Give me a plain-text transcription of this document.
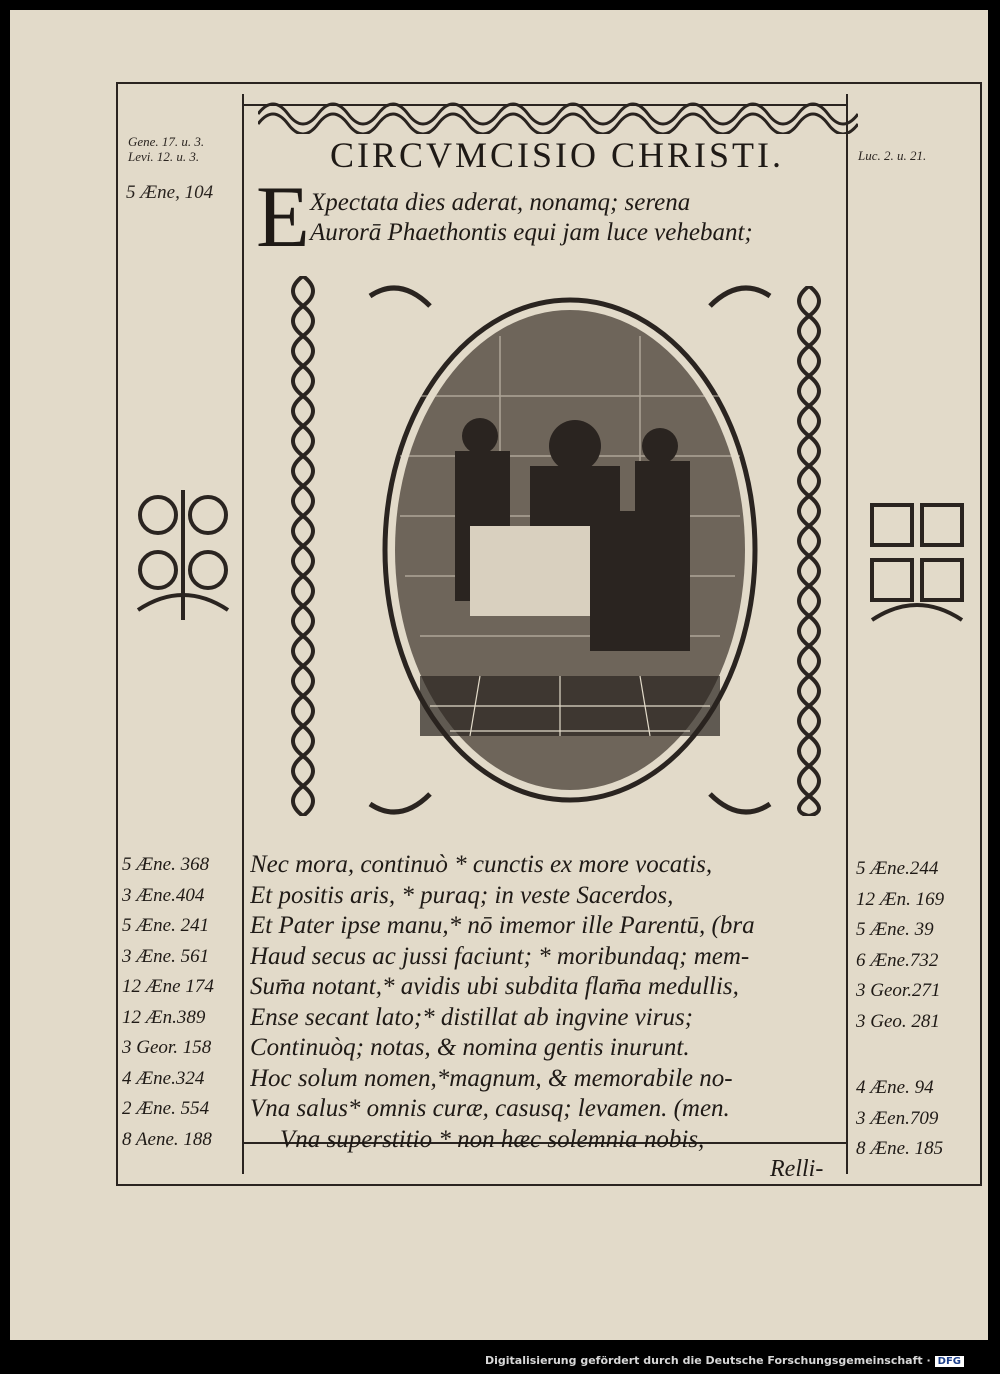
CIRCVMCISIO CHRISTI.
Gene. 17. u. 3.
Levi. 12. u. 3.
5 Æne, 104
Luc. 2. u. 21.
E Xpectata dies aderat, nonamq; serena
Aurorā Phaethontis equi jam luce vehebant;
Nec mora, continuò * cunctis ex more vocatis,
Et positis aris, * puraq; in veste Sacerdos,
Et Pater ipse manu,* nō imemor ille Parentū, (bra
Haud secus ac jussi faciunt; * moribundaq; mem-
Sum̄a notant,* avidis ubi subdita flam̄a medullis,
Ense secant lato;* distillat ab ingvine virus;
Continuòq; notas, & nomina gentis inurunt.
Hoc solum nomen,*magnum, & memorabile no-
Vna salus* omnis curæ, casusq; levamen. (men.
Vna superstitio * non hæc solemnia nobis,
5 Æne. 368
3 Æne.404
5 Æne. 241
3 Æne. 561
12 Æne 174
12 Æn.389
3 Geor. 158
4 Æne.324
2 Æne. 554
8 Aene. 188
5 Æne.244
12 Æn. 169
5 Æne. 39
6 Æne.732
3 Geor.271
3 Geo. 281
4 Æne. 94
3 Æen.709
8 Æne. 185
Relli-
Digitalisierung gefördert durch die Deutsche Forschungsgemeinschaft · DFG
